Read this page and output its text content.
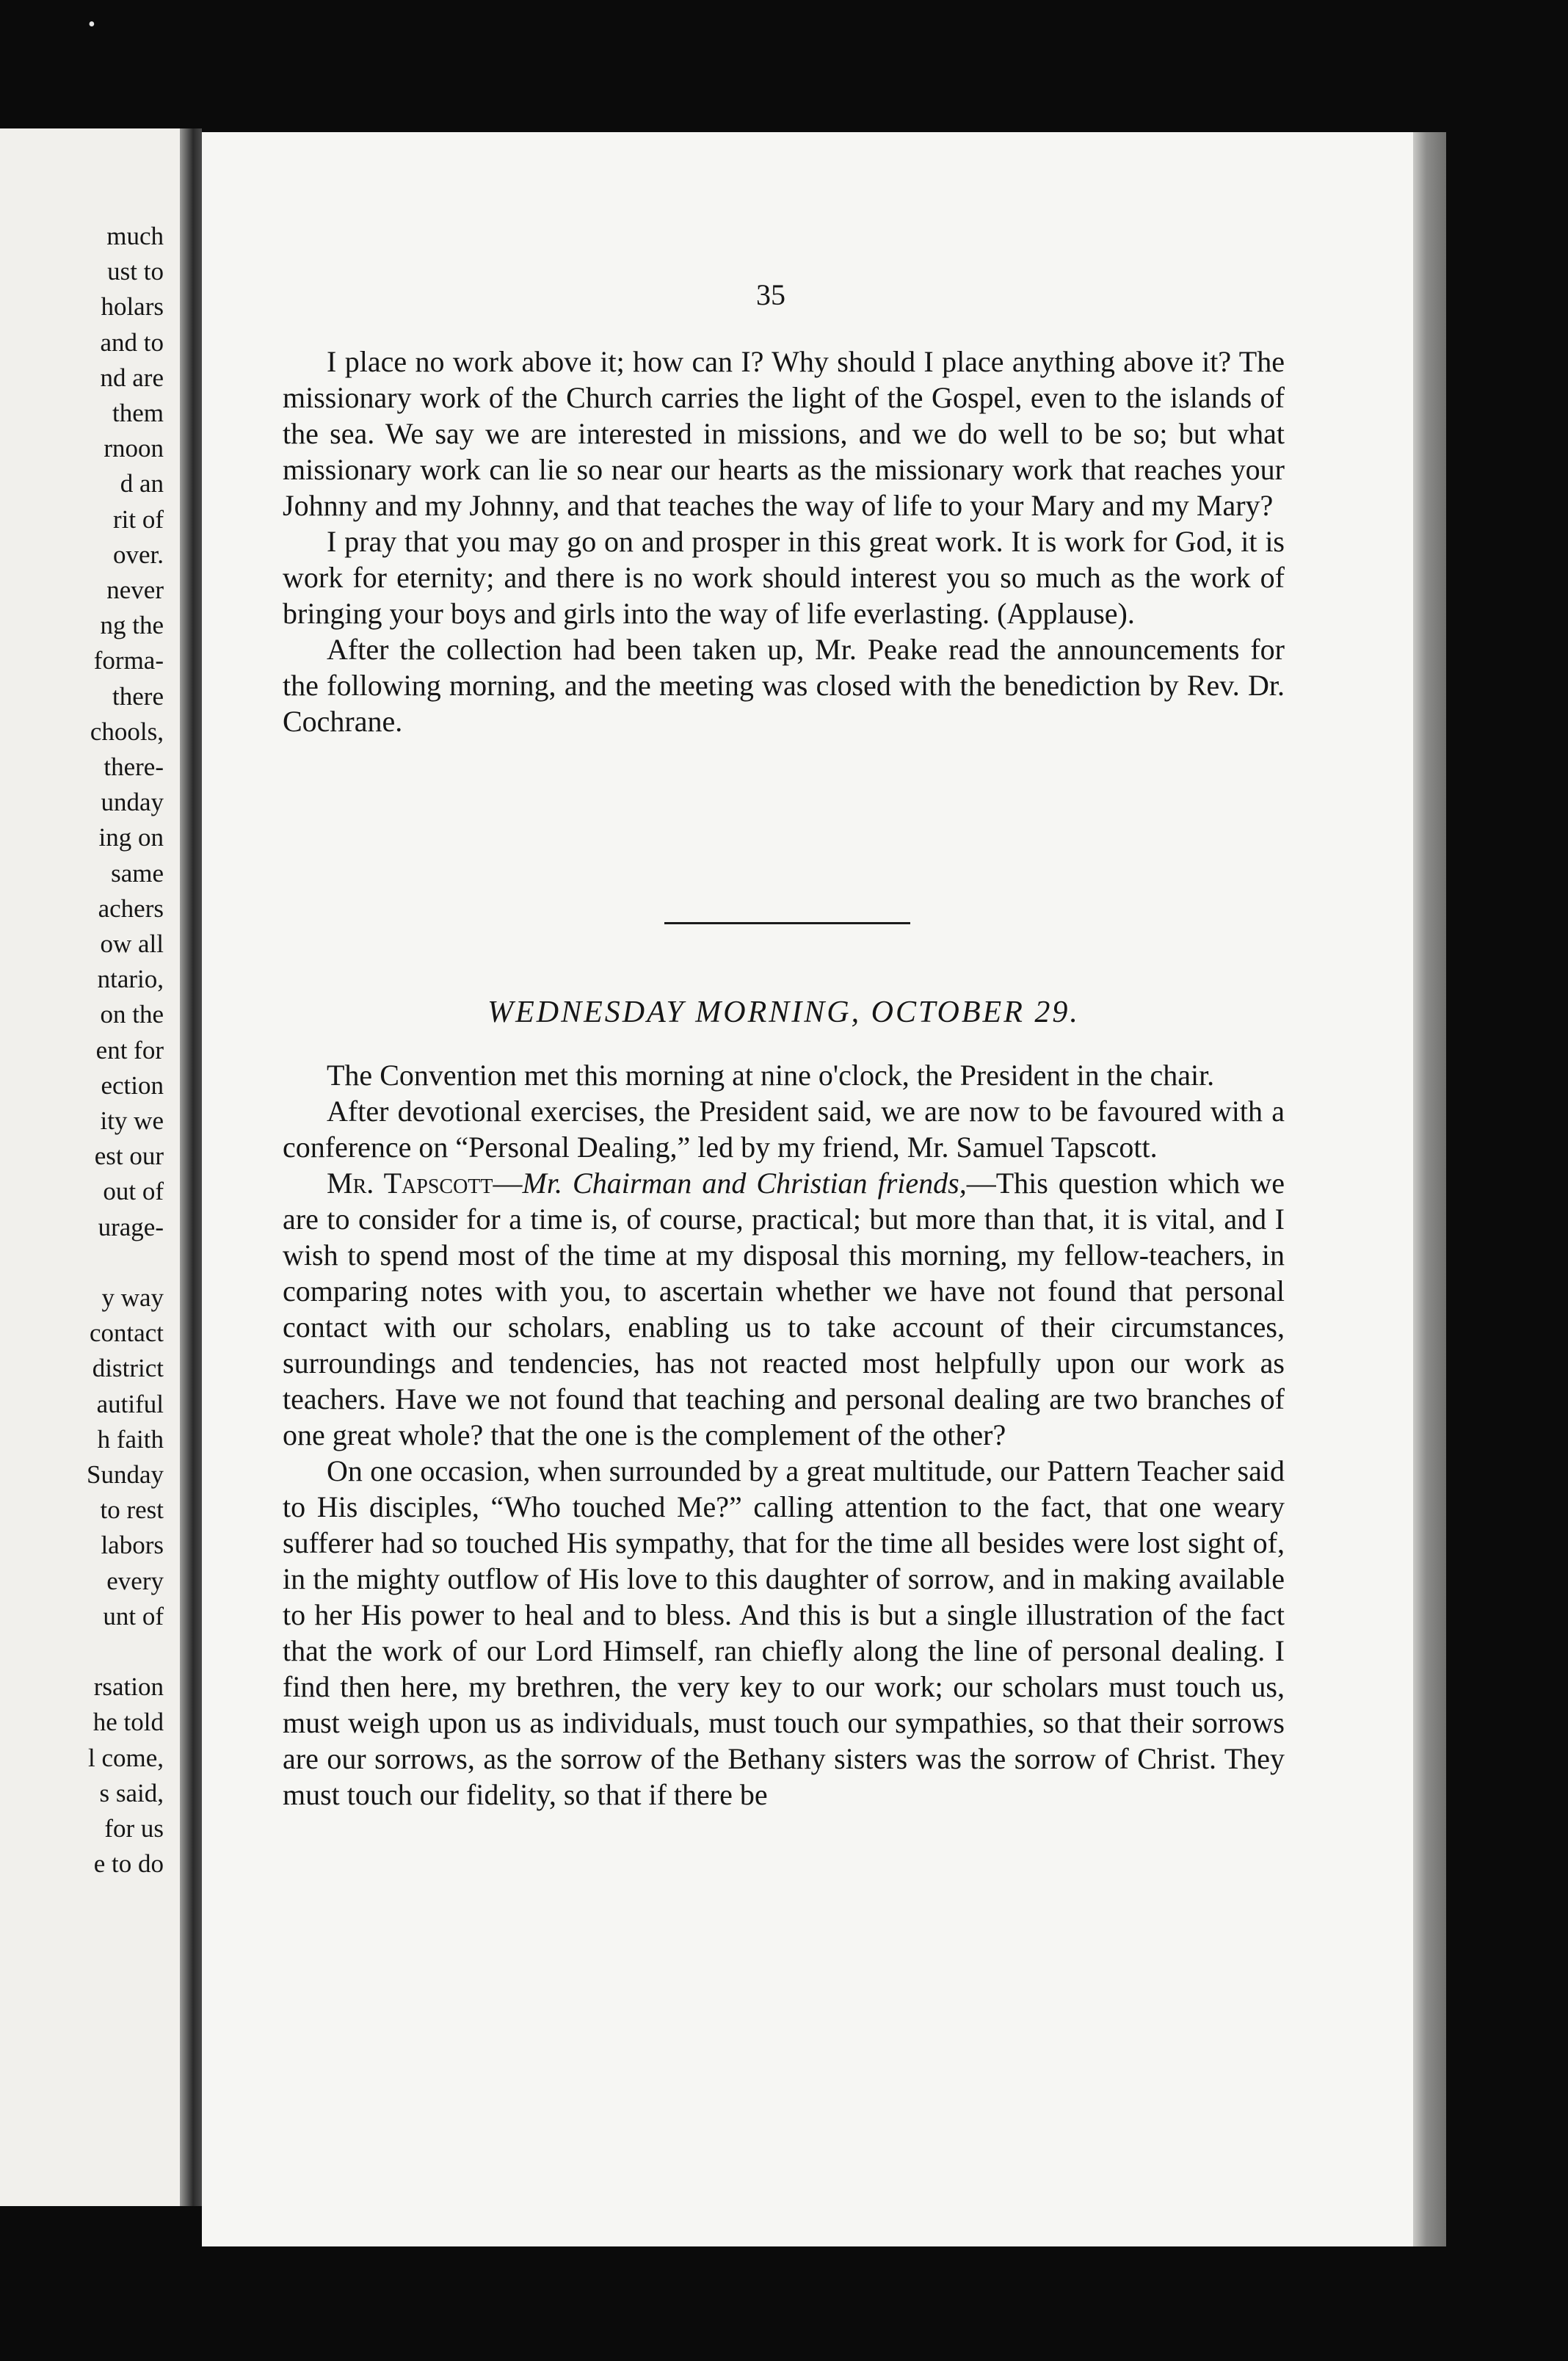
•
much
ust to
holars
and to
nd are
them
rnoon
d an
rit of
over.
never
ng the
forma-
there
chools,
there-
unday
ing on
same
achers
ow all
ntario,
on the
ent for
ection
ity we
est our
out of
urage-
y way
contact
district
autiful
h faith
Sunday
to rest
labors
every
unt of
rsation
he told
l come,
s said,
for us
e to do
35

I place no work above it; how can I? Why should I place anything above it? The missionary work of the Church carries the light of the Gospel, even to the islands of the sea. We say we are interested in missions, and we do well to be so; but what missionary work can lie so near our hearts as the missionary work that reaches your Johnny and my Johnny, and that teaches the way of life to your Mary and my Mary?

I pray that you may go on and prosper in this great work. It is work for God, it is work for eternity; and there is no work should interest you so much as the work of bringing your boys and girls into the way of life everlasting. (Applause).

After the collection had been taken up, Mr. Peake read the announcements for the following morning, and the meeting was closed with the benediction by Rev. Dr. Cochrane.

WEDNESDAY MORNING, OCTOBER 29.

The Convention met this morning at nine o'clock, the President in the chair.

After devotional exercises, the President said, we are now to be favoured with a conference on “Personal Dealing,” led by my friend, Mr. Samuel Tapscott.

Mr. Tapscott—Mr. Chairman and Christian friends,—This question which we are to consider for a time is, of course, practical; but more than that, it is vital, and I wish to spend most of the time at my disposal this morning, my fellow-teachers, in comparing notes with you, to ascertain whether we have not found that personal contact with our scholars, enabling us to take account of their circumstances, surroundings and tendencies, has not reacted most helpfully upon our work as teachers. Have we not found that teaching and personal dealing are two branches of one great whole? that the one is the complement of the other?

On one occasion, when surrounded by a great multitude, our Pattern Teacher said to His disciples, “Who touched Me?” calling attention to the fact, that one weary sufferer had so touched His sympathy, that for the time all besides were lost sight of, in the mighty outflow of His love to this daughter of sorrow, and in making available to her His power to heal and to bless. And this is but a single illustration of the fact that the work of our Lord Himself, ran chiefly along the line of personal dealing. I find then here, my brethren, the very key to our work; our scholars must touch us, must weigh upon us as individuals, must touch our sympathies, so that their sorrows are our sorrows, as the sorrow of the Bethany sisters was the sorrow of Christ. They must touch our fidelity, so that if there be
